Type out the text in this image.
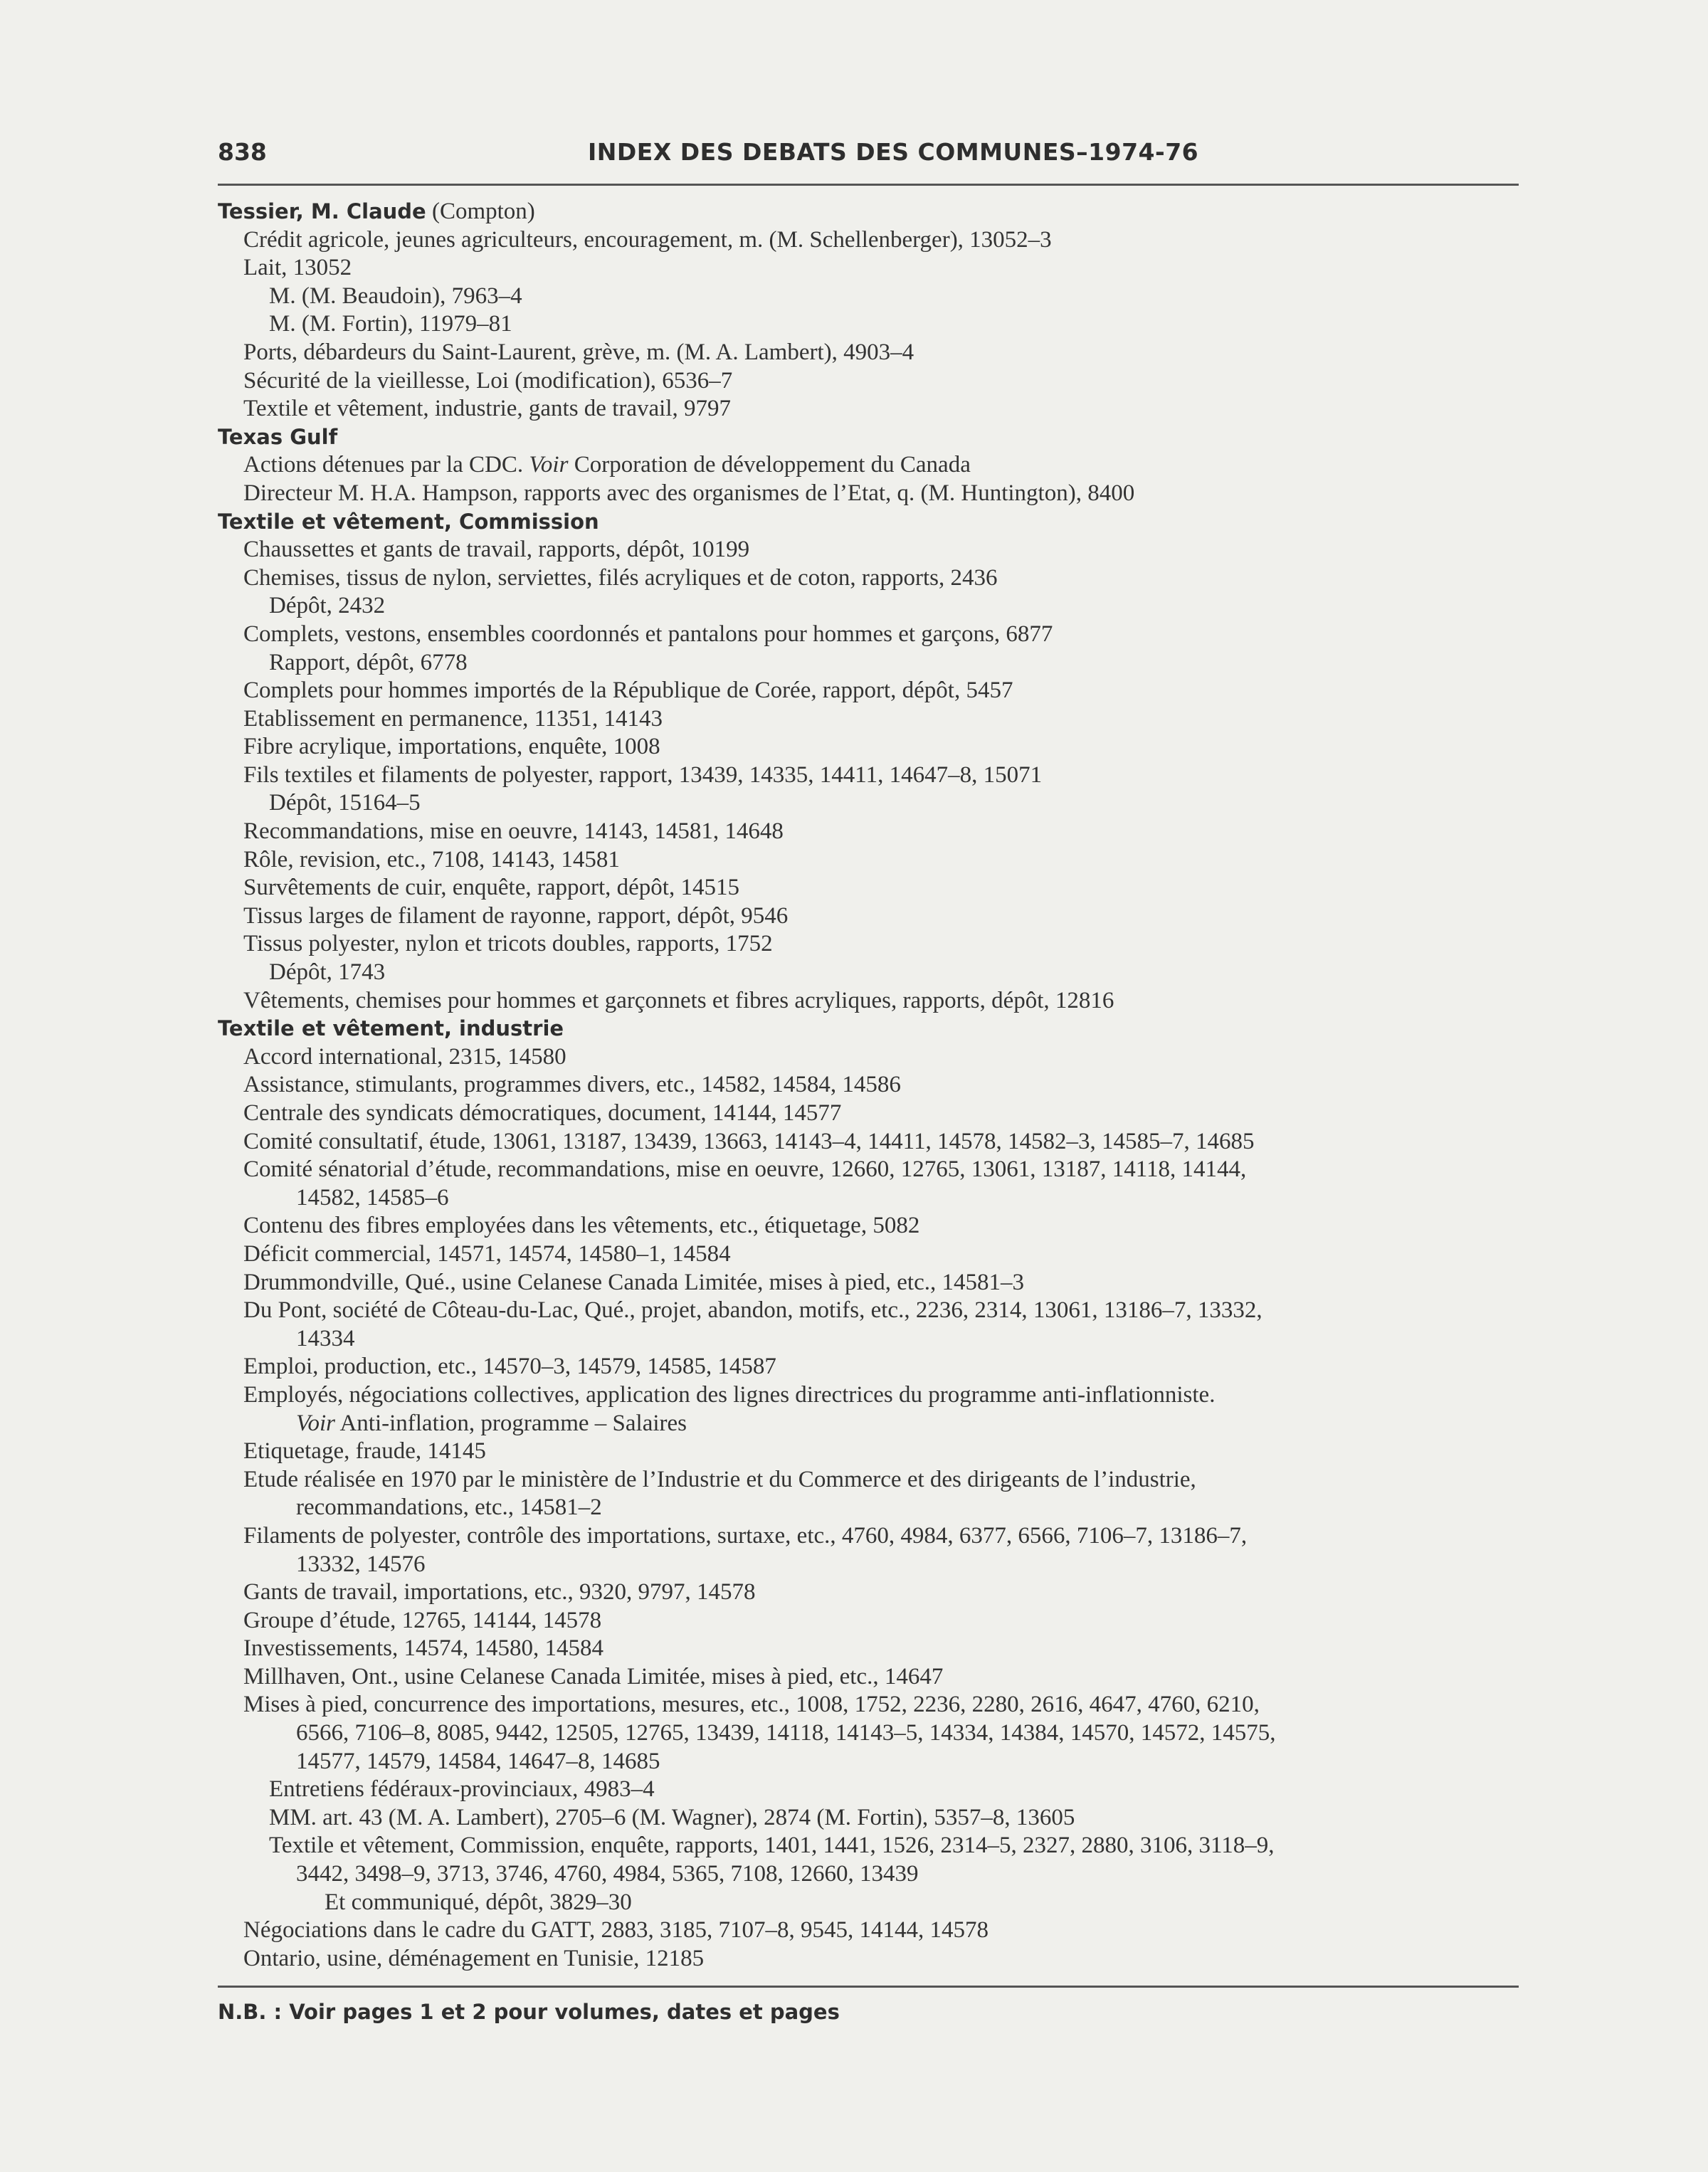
838	INDEX DES DEBATS DES COMMUNES–1974-76
Tessier, M. Claude (Compton)
Crédit agricole, jeunes agriculteurs, encouragement, m. (M. Schellenberger), 13052–3
Lait, 13052
M. (M. Beaudoin), 7963–4
M. (M. Fortin), 11979–81
Ports, débardeurs du Saint-Laurent, grève, m. (M. A. Lambert), 4903–4
Sécurité de la vieillesse, Loi (modification), 6536–7
Textile et vêtement, industrie, gants de travail, 9797
Texas Gulf
Actions détenues par la CDC. Voir Corporation de développement du Canada
Directeur M. H.A. Hampson, rapports avec des organismes de l’Etat, q. (M. Huntington), 8400
Textile et vêtement, Commission
Chaussettes et gants de travail, rapports, dépôt, 10199
Chemises, tissus de nylon, serviettes, filés acryliques et de coton, rapports, 2436
Dépôt, 2432
Complets, vestons, ensembles coordonnés et pantalons pour hommes et garçons, 6877
Rapport, dépôt, 6778
Complets pour hommes importés de la République de Corée, rapport, dépôt, 5457
Etablissement en permanence, 11351, 14143
Fibre acrylique, importations, enquête, 1008
Fils textiles et filaments de polyester, rapport, 13439, 14335, 14411, 14647–8, 15071
Dépôt, 15164–5
Recommandations, mise en oeuvre, 14143, 14581, 14648
Rôle, revision, etc., 7108, 14143, 14581
Survêtements de cuir, enquête, rapport, dépôt, 14515
Tissus larges de filament de rayonne, rapport, dépôt, 9546
Tissus polyester, nylon et tricots doubles, rapports, 1752
Dépôt, 1743
Vêtements, chemises pour hommes et garçonnets et fibres acryliques, rapports, dépôt, 12816
Textile et vêtement, industrie
Accord international, 2315, 14580
Assistance, stimulants, programmes divers, etc., 14582, 14584, 14586
Centrale des syndicats démocratiques, document, 14144, 14577
Comité consultatif, étude, 13061, 13187, 13439, 13663, 14143–4, 14411, 14578, 14582–3, 14585–7, 14685
Comité sénatorial d’étude, recommandations, mise en oeuvre, 12660, 12765, 13061, 13187, 14118, 14144,
14582, 14585–6
Contenu des fibres employées dans les vêtements, etc., étiquetage, 5082
Déficit commercial, 14571, 14574, 14580–1, 14584
Drummondville, Qué., usine Celanese Canada Limitée, mises à pied, etc., 14581–3
Du Pont, société de Côteau-du-Lac, Qué., projet, abandon, motifs, etc., 2236, 2314, 13061, 13186–7, 13332,
14334
Emploi, production, etc., 14570–3, 14579, 14585, 14587
Employés, négociations collectives, application des lignes directrices du programme anti-inflationniste.
Voir Anti-inflation, programme – Salaires
Etiquetage, fraude, 14145
Etude réalisée en 1970 par le ministère de l’Industrie et du Commerce et des dirigeants de l’industrie,
recommandations, etc., 14581–2
Filaments de polyester, contrôle des importations, surtaxe, etc., 4760, 4984, 6377, 6566, 7106–7, 13186–7,
13332, 14576
Gants de travail, importations, etc., 9320, 9797, 14578
Groupe d’étude, 12765, 14144, 14578
Investissements, 14574, 14580, 14584
Millhaven, Ont., usine Celanese Canada Limitée, mises à pied, etc., 14647
Mises à pied, concurrence des importations, mesures, etc., 1008, 1752, 2236, 2280, 2616, 4647, 4760, 6210,
6566, 7106–8, 8085, 9442, 12505, 12765, 13439, 14118, 14143–5, 14334, 14384, 14570, 14572, 14575,
14577, 14579, 14584, 14647–8, 14685
Entretiens fédéraux-provinciaux, 4983–4
MM. art. 43 (M. A. Lambert), 2705–6 (M. Wagner), 2874 (M. Fortin), 5357–8, 13605
Textile et vêtement, Commission, enquête, rapports, 1401, 1441, 1526, 2314–5, 2327, 2880, 3106, 3118–9,
3442, 3498–9, 3713, 3746, 4760, 4984, 5365, 7108, 12660, 13439
Et communiqué, dépôt, 3829–30
Négociations dans le cadre du GATT, 2883, 3185, 7107–8, 9545, 14144, 14578
Ontario, usine, déménagement en Tunisie, 12185
N.B. : Voir pages 1 et 2 pour volumes, dates et pages
